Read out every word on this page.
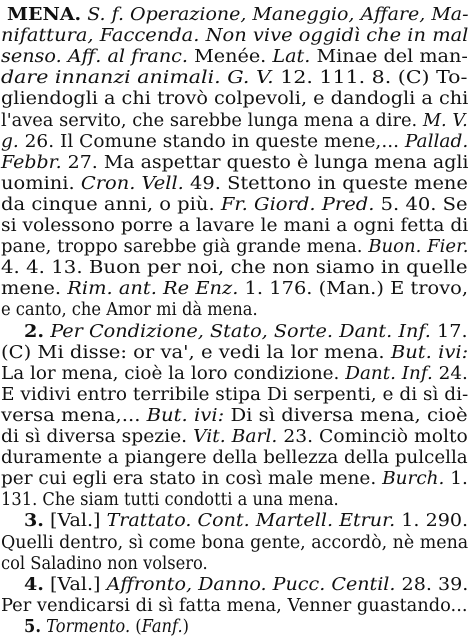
MENA. S. f. Operazione, Maneggio, Affare, Ma-
nifattura, Faccenda. Non vive oggidì che in mal
senso. Aff. al franc. Menée. Lat. Minae del man-
dare innanzi animali. G. V. 12. 111. 8. (C) To-
gliendogli a chi trovò colpevoli, e dandogli a chi
l'avea servito, che sarebbe lunga mena a dire. M. V.
g. 26. Il Comune stando in queste mene,... Pallad.
Febbr. 27. Ma aspettar questo è lunga mena agli
uomini. Cron. Vell. 49. Stettono in queste mene
da cinque anni, o più. Fr. Giord. Pred. 5. 40. Se
si volessono porre a lavare le mani a ogni fetta di
pane, troppo sarebbe già grande mena. Buon. Fier.
4. 4. 13. Buon per noi, che non siamo in quelle
mene. Rim. ant. Re Enz. 1. 176. (Man.) E trovo,
e canto, che Amor mi dà mena.
2. Per Condizione, Stato, Sorte. Dant. Inf. 17.
(C) Mi disse: or va', e vedi la lor mena. But. ivi:
La lor mena, cioè la loro condizione. Dant. Inf. 24.
E vidivi entro terribile stipa Di serpenti, e di sì di-
versa mena,... But. ivi: Di sì diversa mena, cioè
di sì diversa spezie. Vit. Barl. 23. Cominciò molto
duramente a piangere della bellezza della pulcella
per cui egli era stato in così male mene. Burch. 1.
131. Che siam tutti condotti a una mena.
3. [Val.] Trattato. Cont. Martell. Etrur. 1. 290.
Quelli dentro, sì come bona gente, accordò, nè mena
col Saladino non volsero.
4. [Val.] Affronto, Danno. Pucc. Centil. 28. 39.
Per vendicarsi di sì fatta mena, Venner guastando...
5. Tormento. (Fanf.)
